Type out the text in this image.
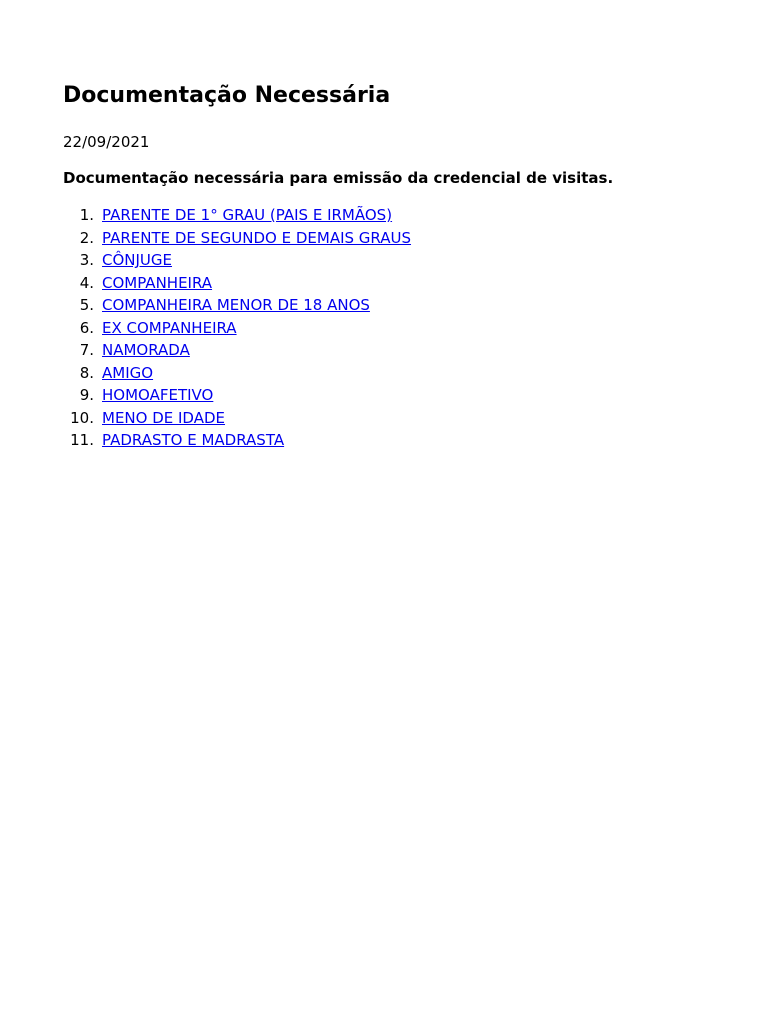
Documentação Necessária

22/09/2021

Documentação necessária para emissão da credencial de visitas.

1. PARENTE DE 1° GRAU (PAIS E IRMÃOS)
2. PARENTE DE SEGUNDO E DEMAIS GRAUS
3. CÔNJUGE
4. COMPANHEIRA
5. COMPANHEIRA MENOR DE 18 ANOS
6. EX COMPANHEIRA
7. NAMORADA
8. AMIGO
9. HOMOAFETIVO
10. MENO DE IDADE
11. PADRASTO E MADRASTA
